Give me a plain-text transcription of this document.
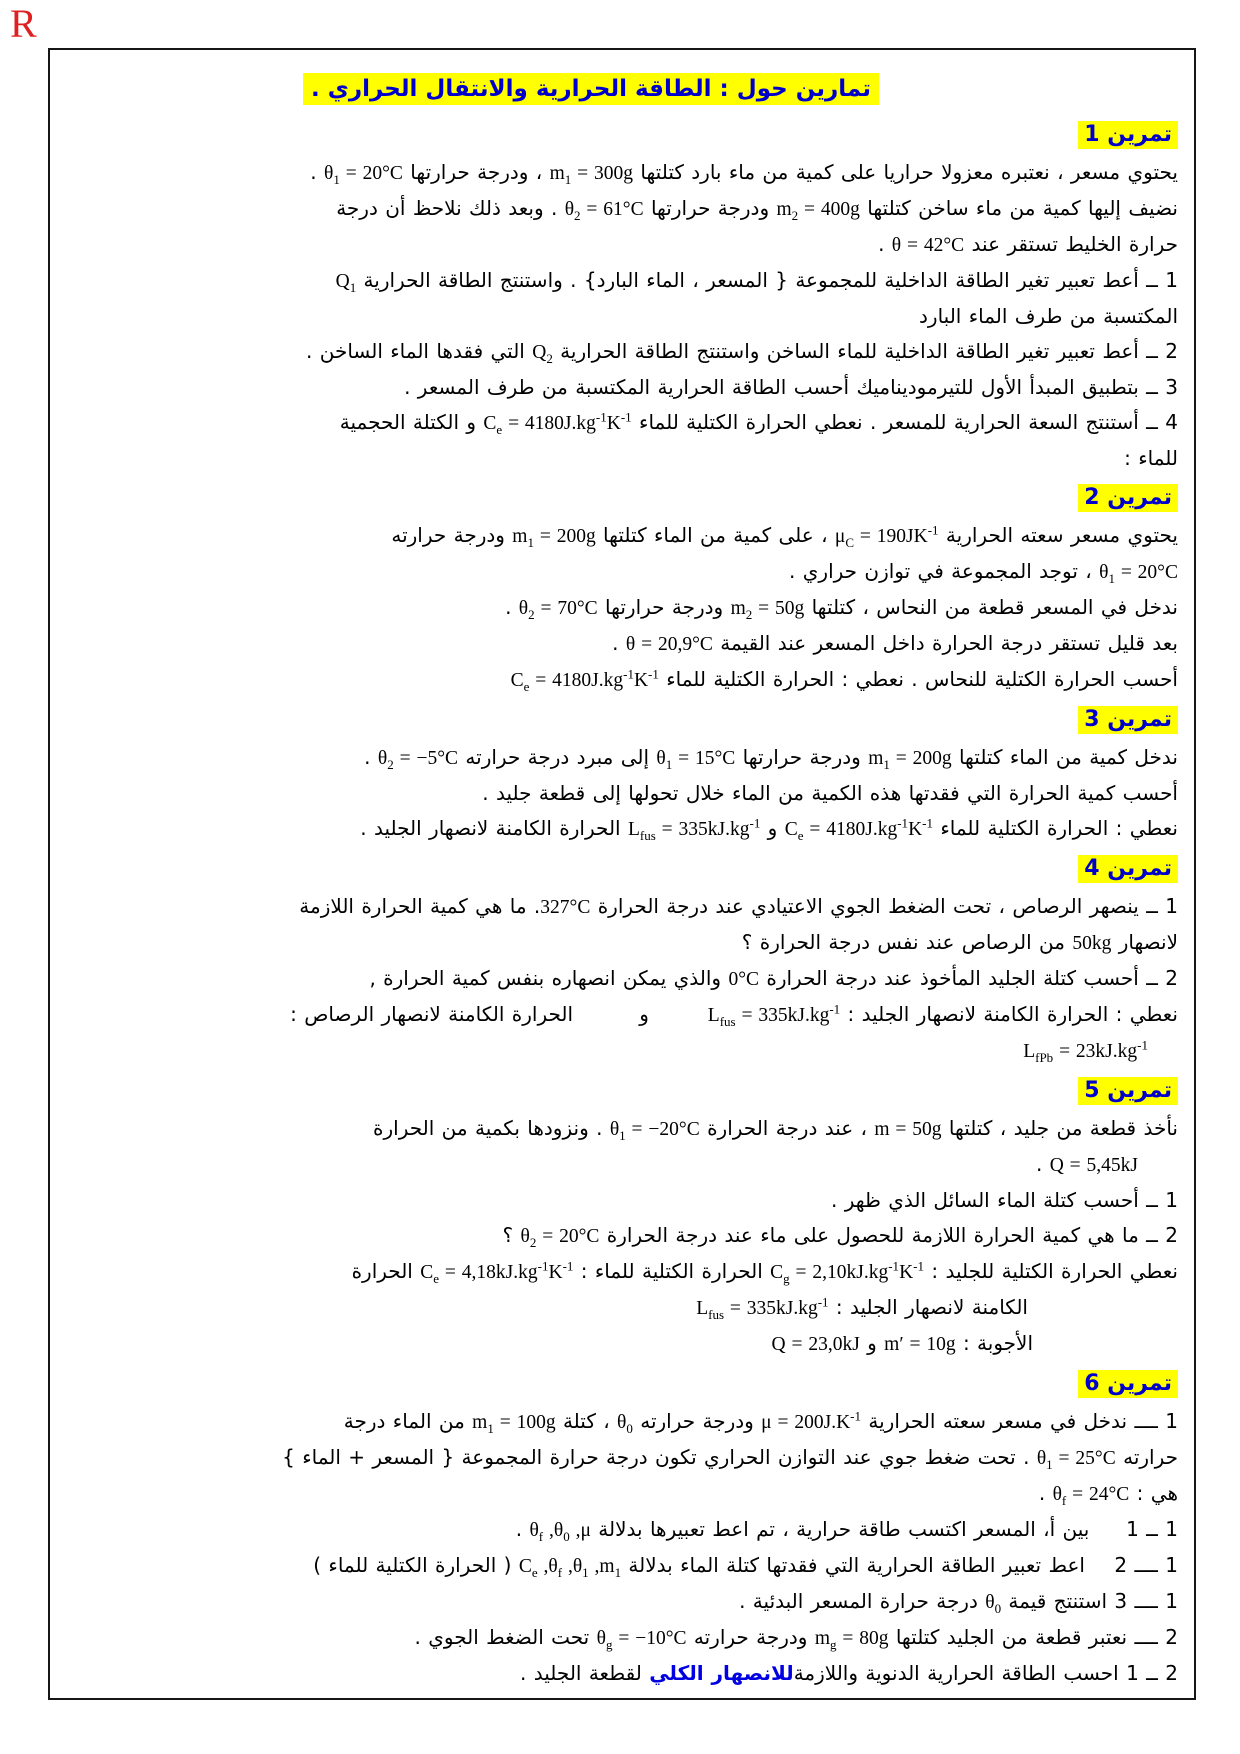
R
تمارين حول : الطاقة الحرارية والانتقال الحراري .
تمرين 1
يحتوي مسعر ، نعتبره معزولا حراريا على كمية من ماء بارد كتلتها $m_1 = 300g$ ، ودرجة حرارتها $\theta_1 = 20^\circ C$ .
نضيف إليها كمية من ماء ساخن كتلتها $m_2 = 400g$ ودرجة حرارتها $\theta_2 = 61^\circ C$ . وبعد ذلك نلاحظ أن درجة
حرارة الخليط تستقر عند θ = 42°C .
1 ــ أعط تعبير تغير الطاقة الداخلية للمجموعة { المسعر ، الماء البارد} . واستنتج الطاقة الحرارية $Q_1$
المكتسبة من طرف الماء البارد
2 ــ أعط تعبير تغير الطاقة الداخلية للماء الساخن واستنتج الطاقة الحرارية $Q_2$ التي فقدها الماء الساخن .
3 ــ بتطبيق المبدأ الأول للتيرموديناميك أحسب الطاقة الحرارية المكتسبة من طرف المسعر .
4 ــ أستنتج السعة الحرارية للمسعر . نعطي الحرارة الكتلية للماء $C_e = 4180J.kg^{-1}K^{-1}$ و الكتلة الحجمية
للماء :
تمرين 2
يحتوي مسعر سعته الحرارية $\mu_C = 190JK^{-1}$ ، على كمية من الماء كتلتها $m_1 = 200g$ ودرجة حرارته
$\theta_1 = 20^\circ C$ ، توجد المجموعة في توازن حراري .
ندخل في المسعر قطعة من النحاس ، كتلتها $m_2 = 50g$ ودرجة حرارتها $\theta_2 = 70^\circ C$ .
بعد قليل تستقر درجة الحرارة داخل المسعر عند القيمة θ = 20,9°C .
أحسب الحرارة الكتلية للنحاس . نعطي : الحرارة الكتلية للماء $C_e = 4180J.kg^{-1}K^{-1}$
تمرين 3
ندخل كمية من الماء كتلتها $m_1 = 200g$ ودرجة حرارتها $\theta_1 = 15^\circ C$ إلى مبرد درجة حرارته $\theta_2 = -5^\circ C$ .
أحسب كمية الحرارة التي فقدتها هذه الكمية من الماء خلال تحولها إلى قطعة جليد .
نعطي : الحرارة الكتلية للماء $C_e = 4180J.kg^{-1}K^{-1}$ و $L_{fus} = 335kJ.kg^{-1}$ الحرارة الكامنة لانصهار الجليد .
تمرين 4
1 ــ ينصهر الرصاص ، تحت الضغط الجوي الاعتيادي عند درجة الحرارة 327°C. ما هي كمية الحرارة اللازمة
لانصهار 50kg من الرصاص عند نفس درجة الحرارة ؟
2 ــ أحسب كتلة الجليد المأخوذ عند درجة الحرارة 0°C والذي يمكن انصهاره بنفس كمية الحرارة ,
نعطي : الحرارة الكامنة لانصهار الجليد : $L_{fus} = 335kJ.kg^{-1}$        و         الحرارة الكامنة لانصهار الرصاص :
$L_{fPb} = 23kJ.kg^{-1}$
تمرين 5
نأخذ قطعة من جليد ، كتلتها m = 50g ، عند درجة الحرارة $\theta_1 = -20^\circ C$ . ونزودها بكمية من الحرارة
Q = 5,45kJ .
1 ــ أحسب كتلة الماء السائل الذي ظهر .
2 ــ ما هي كمية الحرارة اللازمة للحصول على ماء عند درجة الحرارة $\theta_2 = 20^\circ C$ ؟
نعطي الحرارة الكتلية للجليد : $C_g = 2,10kJ.kg^{-1}K^{-1}$ الحرارة الكتلية للماء : $C_e = 4,18kJ.kg^{-1}K^{-1}$ الحرارة
الكامنة لانصهار الجليد : $L_{fus} = 335kJ.kg^{-1}$
الأجوبة : m′ = 10g و Q = 23,0kJ
تمرين 6
1 ــــ ندخل في مسعر سعته الحرارية $\mu = 200J.K^{-1}$ ودرجة حرارته $\theta_0$ ، كتلة $m_1 = 100g$ من الماء درجة
حرارته $\theta_1 = 25^\circ C$ . تحت ضغط جوي عند التوازن الحراري تكون درجة حرارة المجموعة { المسعر + الماء }
هي : $\theta_f = 24^\circ C$ .
1 ــ 1     بين أ، المسعر اكتسب طاقة حرارية ، تم اعط تعبيرها بدلالة $\theta_f$ $,\theta_0$ ,μ .
1 ــــ 2    اعط تعبير الطاقة الحرارية التي فقدتها كتلة الماء بدلالة $C_e$ $,\theta_f$ $,\theta_1$ $,m_1$ ( الحرارة الكتلية للماء )
1 ــــ 3 استنتج قيمة $\theta_0$ درجة حرارة المسعر البدئية .
2 ــــ نعتبر قطعة من الجليد كتلتها $m_g = 80g$ ودرجة حرارته $\theta_g = -10^\circ C$ تحت الضغط الجوي .
2 ــ 1 احسب الطاقة الحرارية الدنوية واللازمةللانصهار الكلي لقطعة الجليد .
